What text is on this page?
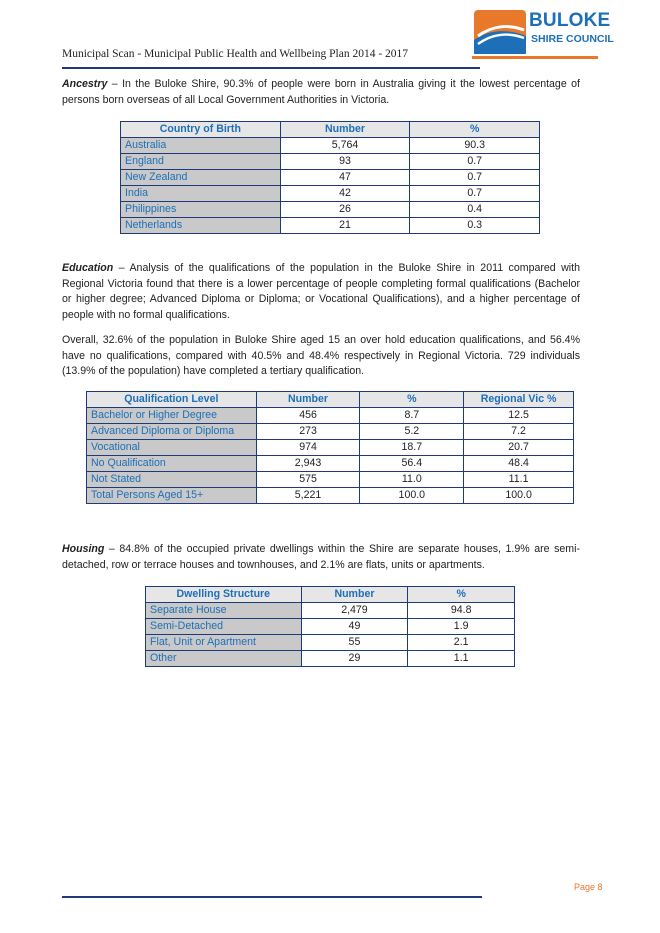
Municipal Scan - Municipal Public Health and Wellbeing Plan 2014 - 2017
BULOKE
SHIRE COUNCIL
Ancestry – In the Buloke Shire, 90.3% of people were born in Australia giving it the lowest percentage of persons born overseas of all Local Government Authorities in Victoria.
Country of Birth	Number	%
Australia	5,764	90.3
England	93	0.7
New Zealand	47	0.7
India	42	0.7
Philippines	26	0.4
Netherlands	21	0.3
Education – Analysis of the qualifications of the population in the Buloke Shire in 2011 compared with Regional Victoria found that there is a lower percentage of people completing formal qualifications (Bachelor or higher degree; Advanced Diploma or Diploma; or Vocational Qualifications), and a higher percentage of people with no formal qualifications.
Overall, 32.6% of the population in Buloke Shire aged 15 an over hold education qualifications, and 56.4% have no qualifications, compared with 40.5% and 48.4% respectively in Regional Victoria. 729 individuals (13.9% of the population) have completed a tertiary qualification.
Qualification Level	Number	%	Regional Vic %
Bachelor or Higher Degree	456	8.7	12.5
Advanced Diploma or Diploma	273	5.2	7.2
Vocational	974	18.7	20.7
No Qualification	2,943	56.4	48.4
Not Stated	575	11.0	11.1
Total Persons Aged 15+	5,221	100.0	100.0
Housing – 84.8% of the occupied private dwellings within the Shire are separate houses, 1.9% are semi-detached, row or terrace houses and townhouses, and 2.1% are flats, units or apartments.
Dwelling Structure	Number	%
Separate House	2,479	94.8
Semi-Detached	49	1.9
Flat, Unit or Apartment	55	2.1
Other	29	1.1
Page 8
